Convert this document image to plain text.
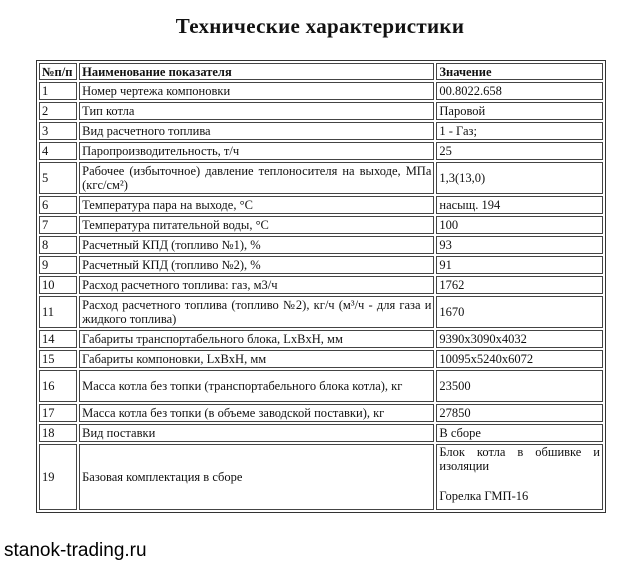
Технические характеристики
№п/п	Наименование показателя	Значение
1	Номер чертежа компоновки	00.8022.658
2	Тип котла	Паровой
3	Вид расчетного топлива	1 - Газ;
4	Паропроизводительность, т/ч	25
5	Рабочее (избыточное) давление теплоносителя на выходе, МПа (кгс/см²)	1,3(13,0)
6	Температура пара на выходе, °С	насыщ. 194
7	Температура питательной воды, °С	100
8	Расчетный КПД (топливо №1), %	93
9	Расчетный КПД (топливо №2), %	91
10	Расход расчетного топлива: газ, м3/ч	1762
11	Расход расчетного топлива (топливо №2), кг/ч (м³/ч - для газа и жидкого топлива)	1670
14	Габариты транспортабельного блока, LxBxH, мм	9390x3090x4032
15	Габариты компоновки, LxBxH, мм	10095x5240x6072
16	Масса котла без топки (транспортабельного блока котла), кг	23500
17	Масса котла без топки (в объеме заводской поставки), кг	27850
18	Вид поставки	В сборе
19	Базовая комплектация в сборе	Блок котла в обшивке и изоляции
Горелка ГМП-16
stanok-trading.ru
